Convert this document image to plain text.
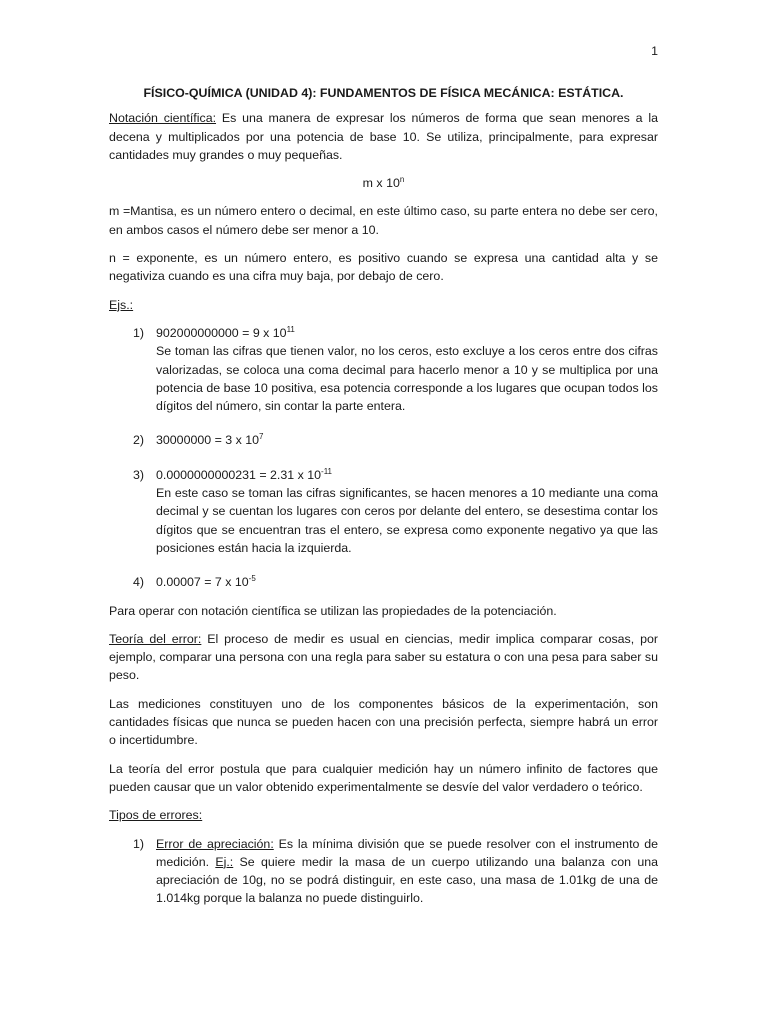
1

FÍSICO-QUÍMICA (UNIDAD 4): FUNDAMENTOS DE FÍSICA MECÁNICA: ESTÁTICA.

Notación científica: Es una manera de expresar los números de forma que sean menores a la decena y multiplicados por una potencia de base 10. Se utiliza, principalmente, para expresar cantidades muy grandes o muy pequeñas.

m x 10$^n$

m =Mantisa, es un número entero o decimal, en este último caso, su parte entera no debe ser cero, en ambos casos el número debe ser menor a 10.

n = exponente, es un número entero, es positivo cuando se expresa una cantidad alta y se negativiza cuando es una cifra muy baja, por debajo de cero.

Ejs.:

1) 902000000000 = 9 x $10^{11}$
Se toman las cifras que tienen valor, no los ceros, esto excluye a los ceros entre dos cifras valorizadas, se coloca una coma decimal para hacerlo menor a 10 y se multiplica por una potencia de base 10 positiva, esa potencia corresponde a los lugares que ocupan todos los dígitos del número, sin contar la parte entera.
2) 30000000 = 3 x $10^7$
3) 0.0000000000231 = 2.31 x $10^{-11}$
En este caso se toman las cifras significantes, se hacen menores a 10 mediante una coma decimal y se cuentan los lugares con ceros por delante del entero, se desestima contar los dígitos que se encuentran tras el entero, se expresa como exponente negativo ya que las posiciones están hacia la izquierda.
4) 0.00007 = 7 x $10^{-5}$

Para operar con notación científica se utilizan las propiedades de la potenciación.

Teoría del error: El proceso de medir es usual en ciencias, medir implica comparar cosas, por ejemplo, comparar una persona con una regla para saber su estatura o con una pesa para saber su peso.

Las mediciones constituyen uno de los componentes básicos de la experimentación, son cantidades físicas que nunca se pueden hacen con una precisión perfecta, siempre habrá un error o incertidumbre.

La teoría del error postula que para cualquier medición hay un número infinito de factores que pueden causar que un valor obtenido experimentalmente se desvíe del valor verdadero o teórico.

Tipos de errores:

1) Error de apreciación: Es la mínima división que se puede resolver con el instrumento de medición. Ej.: Se quiere medir la masa de un cuerpo utilizando una balanza con una apreciación de 10g, no se podrá distinguir, en este caso, una masa de 1.01kg de una de 1.014kg porque la balanza no puede distinguirlo.
